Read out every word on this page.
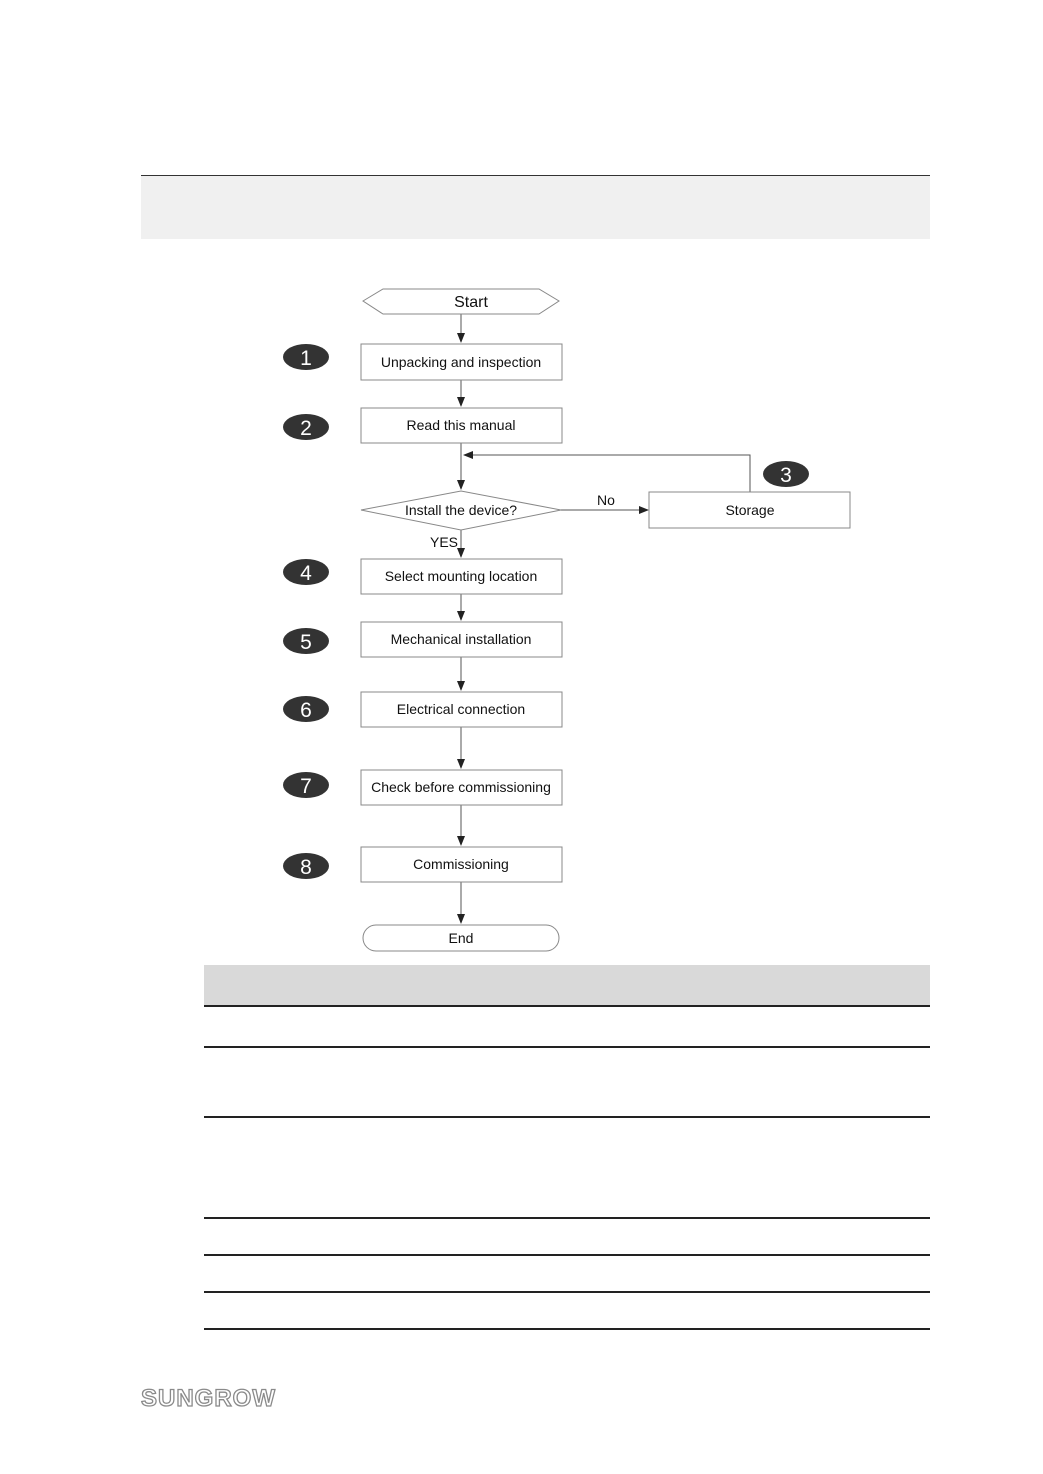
Start
1	Unpacking and inspection
2	Read this manual
Install the device?
No
YES
3
Storage
4	Select mounting location
5	Mechanical installation
6	Electrical connection
7	Check before commissioning
8	Commissioning
End
SUNGROW
